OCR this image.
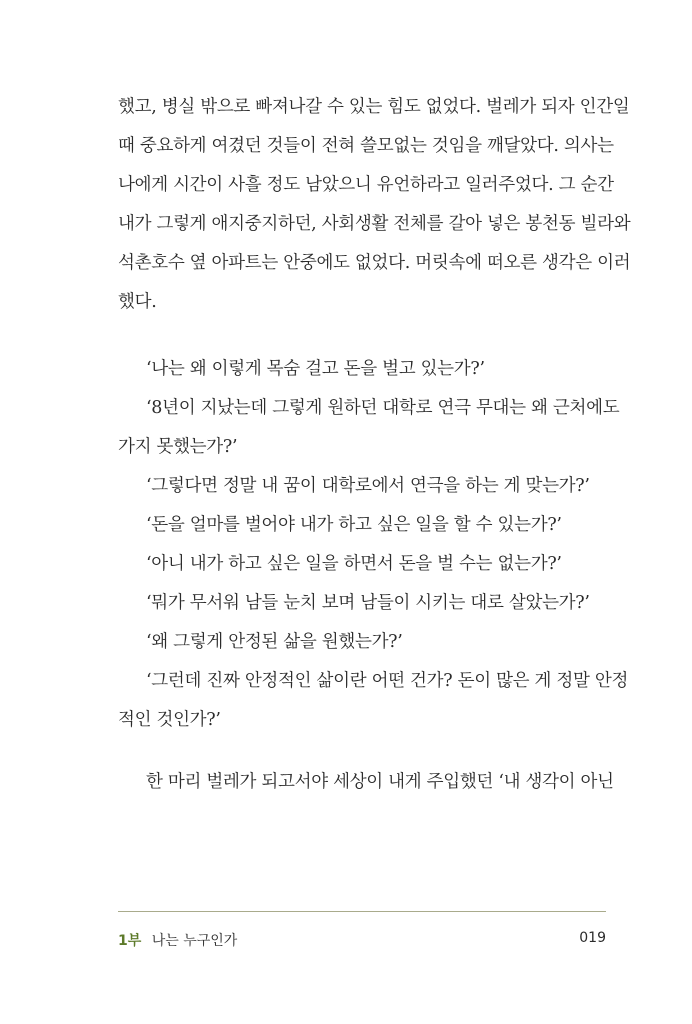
했고, 병실 밖으로 빠져나갈 수 있는 힘도 없었다. 벌레가 되자 인간일
때 중요하게 여겼던 것들이 전혀 쓸모없는 것임을 깨달았다. 의사는
나에게 시간이 사흘 정도 남았으니 유언하라고 일러주었다. 그 순간
내가 그렇게 애지중지하던, 사회생활 전체를 갈아 넣은 봉천동 빌라와
석촌호수 옆 아파트는 안중에도 없었다. 머릿속에 떠오른 생각은 이러
했다.
‘나는 왜 이렇게 목숨 걸고 돈을 벌고 있는가?’
‘8년이 지났는데 그렇게 원하던 대학로 연극 무대는 왜 근처에도
가지 못했는가?’
‘그렇다면 정말 내 꿈이 대학로에서 연극을 하는 게 맞는가?’
‘돈을 얼마를 벌어야 내가 하고 싶은 일을 할 수 있는가?’
‘아니 내가 하고 싶은 일을 하면서 돈을 벌 수는 없는가?’
‘뭐가 무서워 남들 눈치 보며 남들이 시키는 대로 살았는가?’
‘왜 그렇게 안정된 삶을 원했는가?’
‘그런데 진짜 안정적인 삶이란 어떤 건가? 돈이 많은 게 정말 안정
적인 것인가?’
한 마리 벌레가 되고서야 세상이 내게 주입했던 ‘내 생각이 아닌
1부 나는 누구인가	019
